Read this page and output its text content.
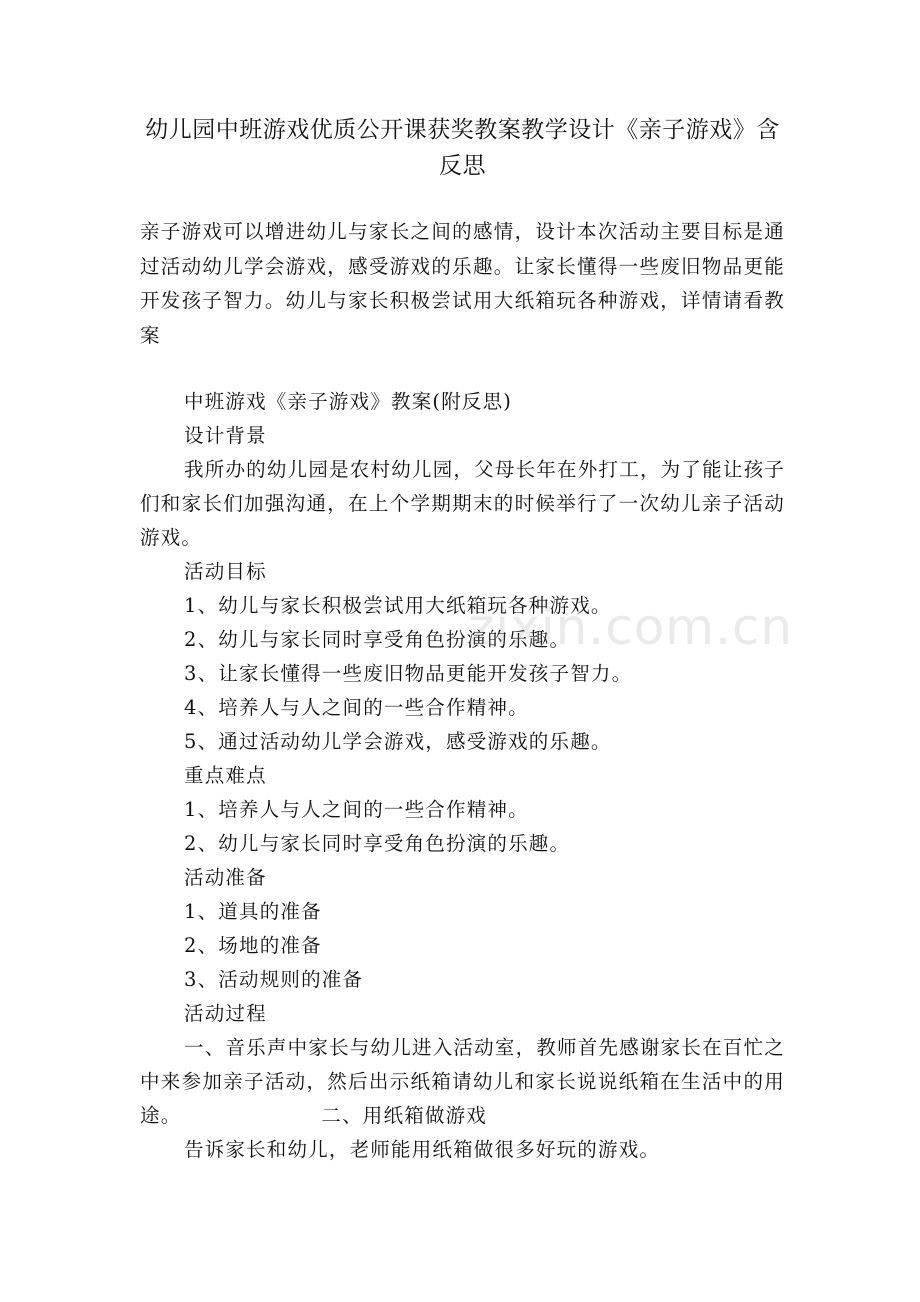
幼儿园中班游戏优质公开课获奖教案教学设计《亲子游戏》含反思
亲子游戏可以增进幼儿与家长之间的感情，设计本次活动主要目标是通过活动幼儿学会游戏，感受游戏的乐趣。让家长懂得一些废旧物品更能开发孩子智力。幼儿与家长积极尝试用大纸箱玩各种游戏，详情请看教案

中班游戏《亲子游戏》教案(附反思)

设计背景

我所办的幼儿园是农村幼儿园，父母长年在外打工，为了能让孩子们和家长们加强沟通，在上个学期期末的时候举行了一次幼儿亲子活动游戏。

活动目标

1、幼儿与家长积极尝试用大纸箱玩各种游戏。

2、幼儿与家长同时享受角色扮演的乐趣。

3、让家长懂得一些废旧物品更能开发孩子智力。

4、培养人与人之间的一些合作精神。

5、通过活动幼儿学会游戏，感受游戏的乐趣。

重点难点

1、培养人与人之间的一些合作精神。

2、幼儿与家长同时享受角色扮演的乐趣。

活动准备

1、道具的准备

2、场地的准备

3、活动规则的准备

活动过程

一、音乐声中家长与幼儿进入活动室，教师首先感谢家长在百忙之中来参加亲子活动，然后出示纸箱请幼儿和家长说说纸箱在生活中的用途。	二、用纸箱做游戏

告诉家长和幼儿，老师能用纸箱做很多好玩的游戏。

zixin.com.cn
